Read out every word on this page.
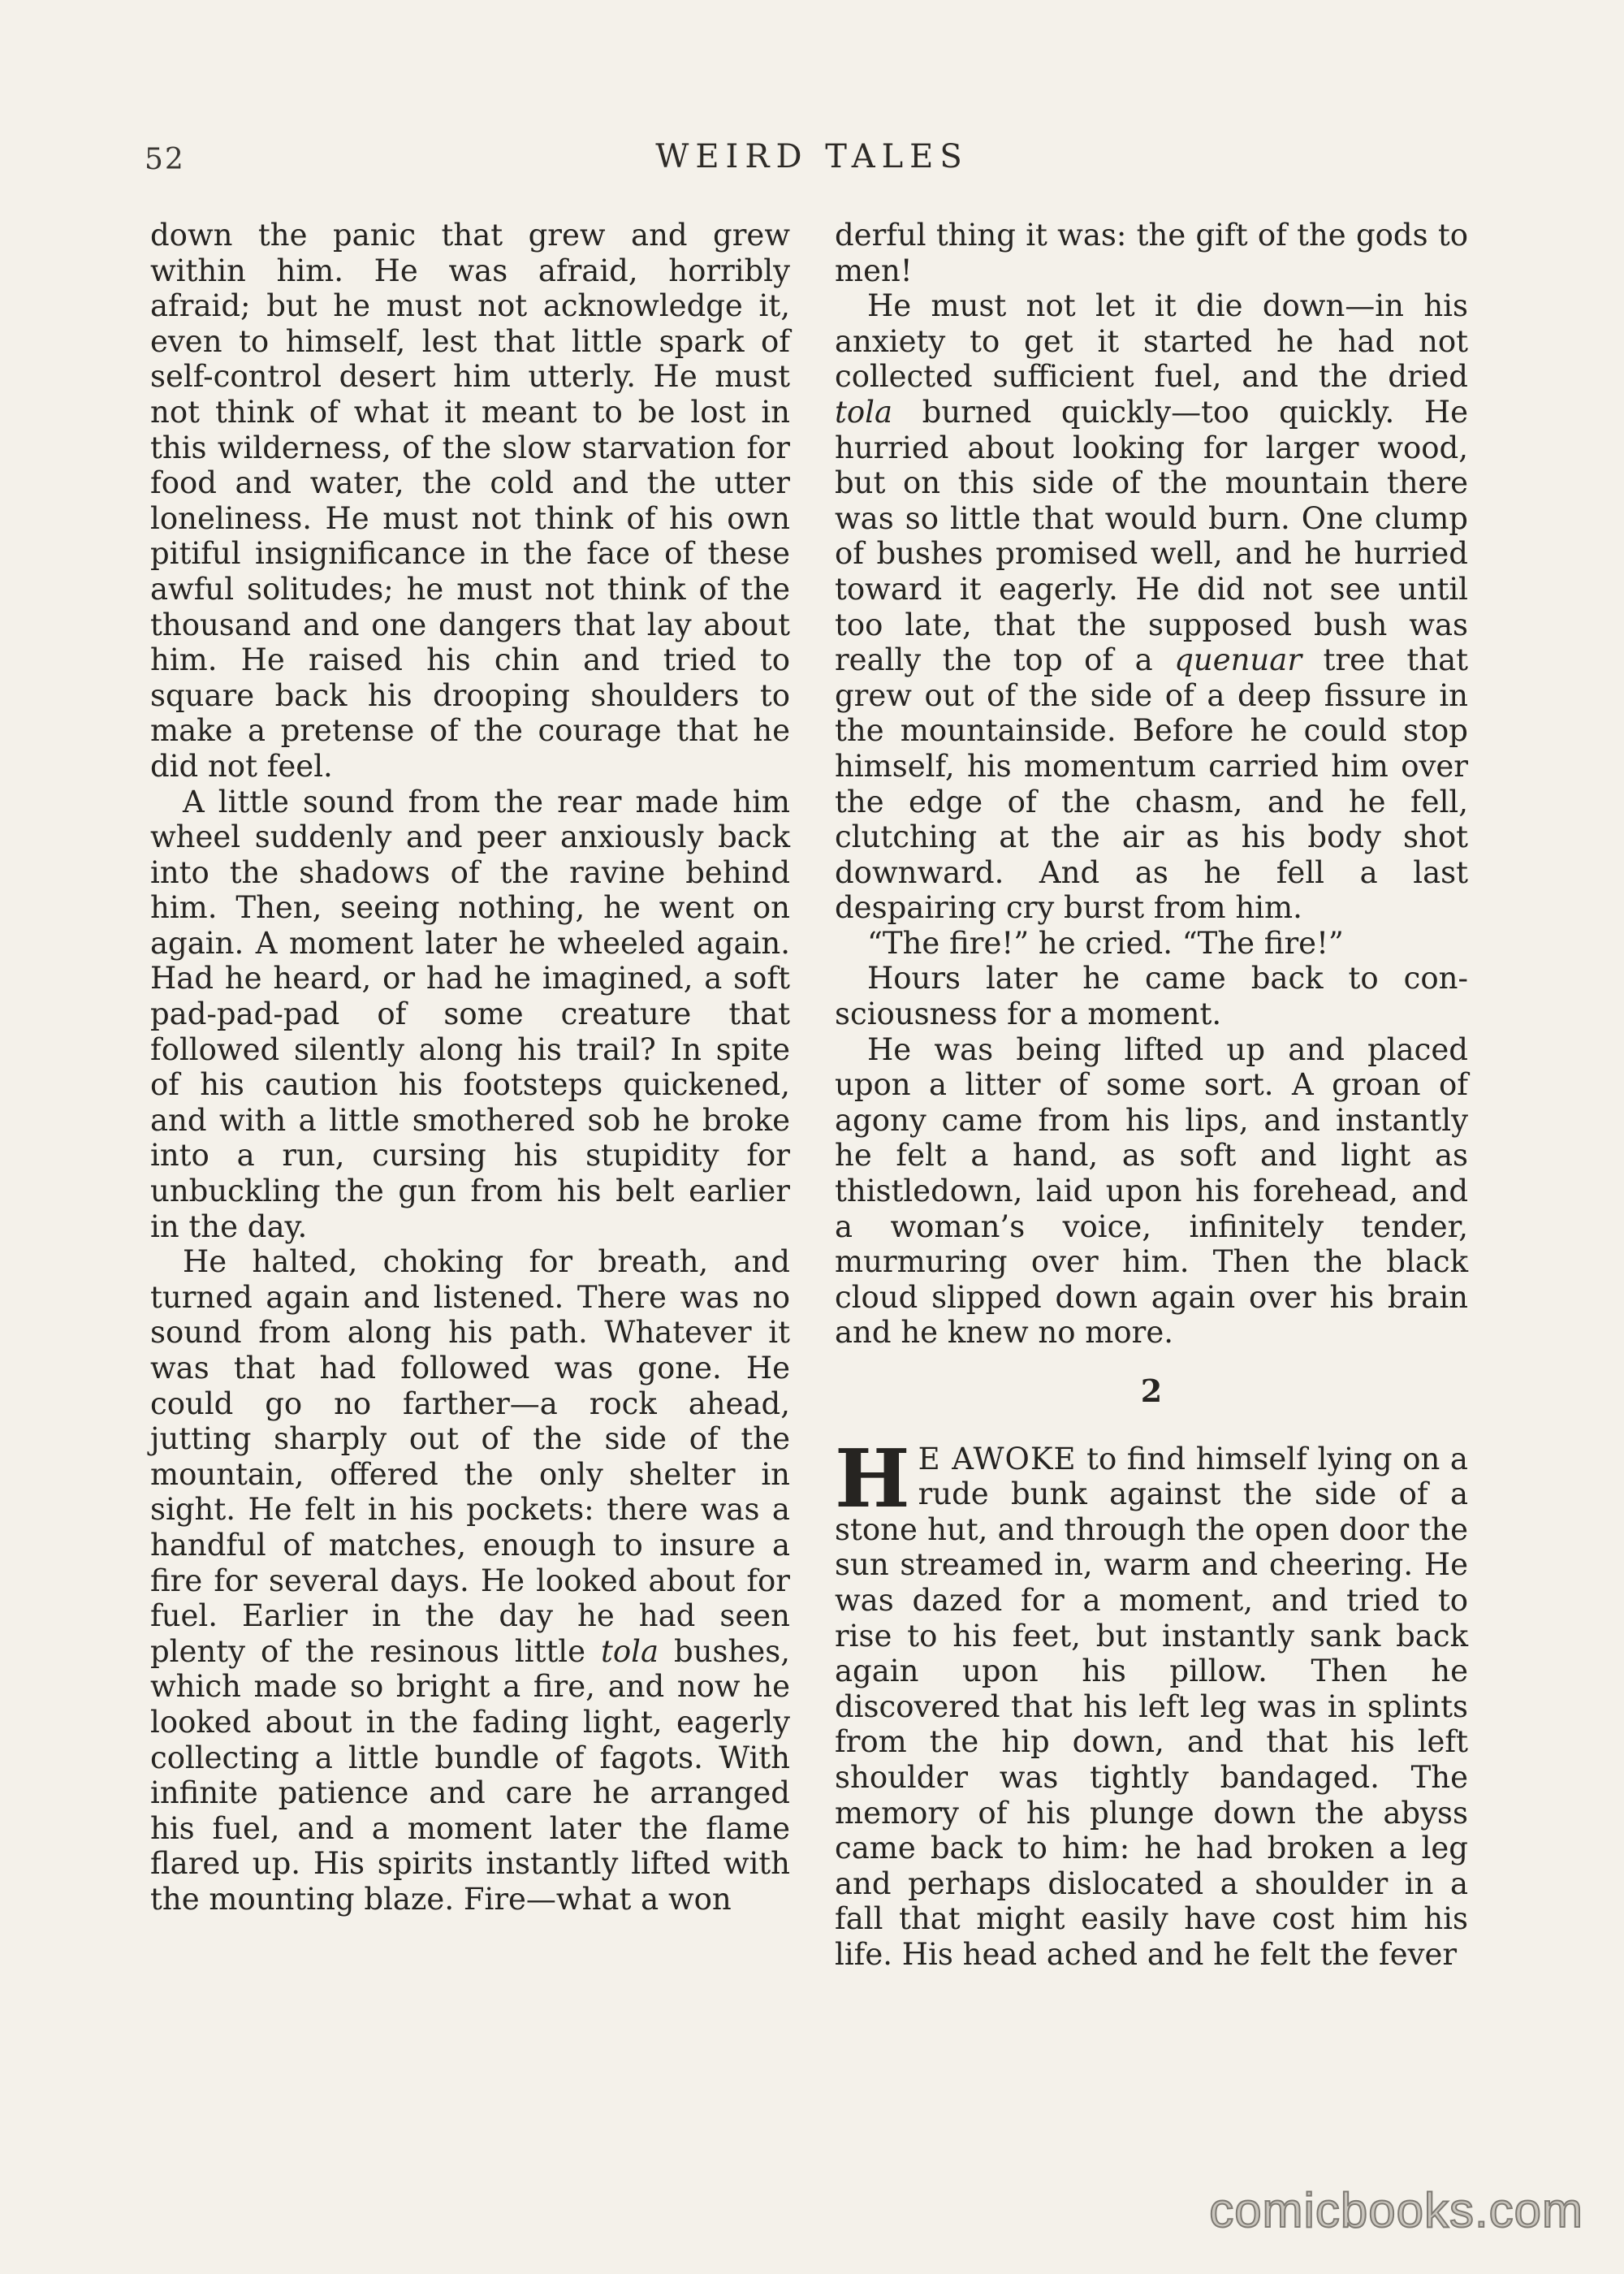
52	WEIRD TALES

down the panic that grew and grew within him. He was afraid, horribly afraid; but he must not acknowledge it, even to himself, lest that little spark of self-control desert him utterly. He must not think of what it meant to be lost in this wilderness, of the slow starvation for food and water, the cold and the utter loneliness. He must not think of his own pitiful insignificance in the face of these awful solitudes; he must not think of the thousand and one dangers that lay about him. He raised his chin and tried to square back his drooping shoulders to make a pretense of the courage that he did not feel.

A little sound from the rear made him wheel suddenly and peer anxiously back into the shadows of the ravine behind him. Then, seeing nothing, he went on again. A moment later he wheeled again. Had he heard, or had he imagined, a soft pad-pad-pad of some creature that followed silently along his trail? In spite of his caution his footsteps quickened, and with a little smothered sob he broke into a run, cursing his stupidity for unbuckling the gun from his belt earlier in the day.

He halted, choking for breath, and turned again and listened. There was no sound from along his path. Whatever it was that had followed was gone. He could go no farther—a rock ahead, jutting sharply out of the side of the mountain, offered the only shelter in sight. He felt in his pockets: there was a handful of matches, enough to insure a fire for several days. He looked about for fuel. Earlier in the day he had seen plenty of the resinous little tola bushes, which made so bright a fire, and now he looked about in the fading light, eagerly collecting a little bundle of fagots. With infinite patience and care he arranged his fuel, and a moment later the flame flared up. His spirits instantly lifted with the mounting blaze. Fire—what a won

derful thing it was: the gift of the gods to men!

He must not let it die down—in his anxiety to get it started he had not collected sufficient fuel, and the dried tola burned quickly—too quickly. He hurried about looking for larger wood, but on this side of the mountain there was so little that would burn. One clump of bushes promised well, and he hurried toward it eagerly. He did not see until too late, that the supposed bush was really the top of a quenuar tree that grew out of the side of a deep fissure in the mountainside. Before he could stop himself, his momentum carried him over the edge of the chasm, and he fell, clutching at the air as his body shot downward. And as he fell a last despairing cry burst from him.

“The fire!” he cried. “The fire!”

Hours later he came back to consciousness for a moment.

He was being lifted up and placed upon a litter of some sort. A groan of agony came from his lips, and instantly he felt a hand, as soft and light as thistledown, laid upon his forehead, and a woman’s voice, infinitely tender, murmuring over him. Then the black cloud slipped down again over his brain and he knew no more.

2

H E AWOKE to find himself lying on a rude bunk against the side of a stone hut, and through the open door the sun streamed in, warm and cheering. He was dazed for a moment, and tried to rise to his feet, but instantly sank back again upon his pillow. Then he discovered that his left leg was in splints from the hip down, and that his left shoulder was tightly bandaged. The memory of his plunge down the abyss came back to him: he had broken a leg and perhaps dislocated a shoulder in a fall that might easily have cost him his life. His head ached and he felt the fever

comicbooks.com
